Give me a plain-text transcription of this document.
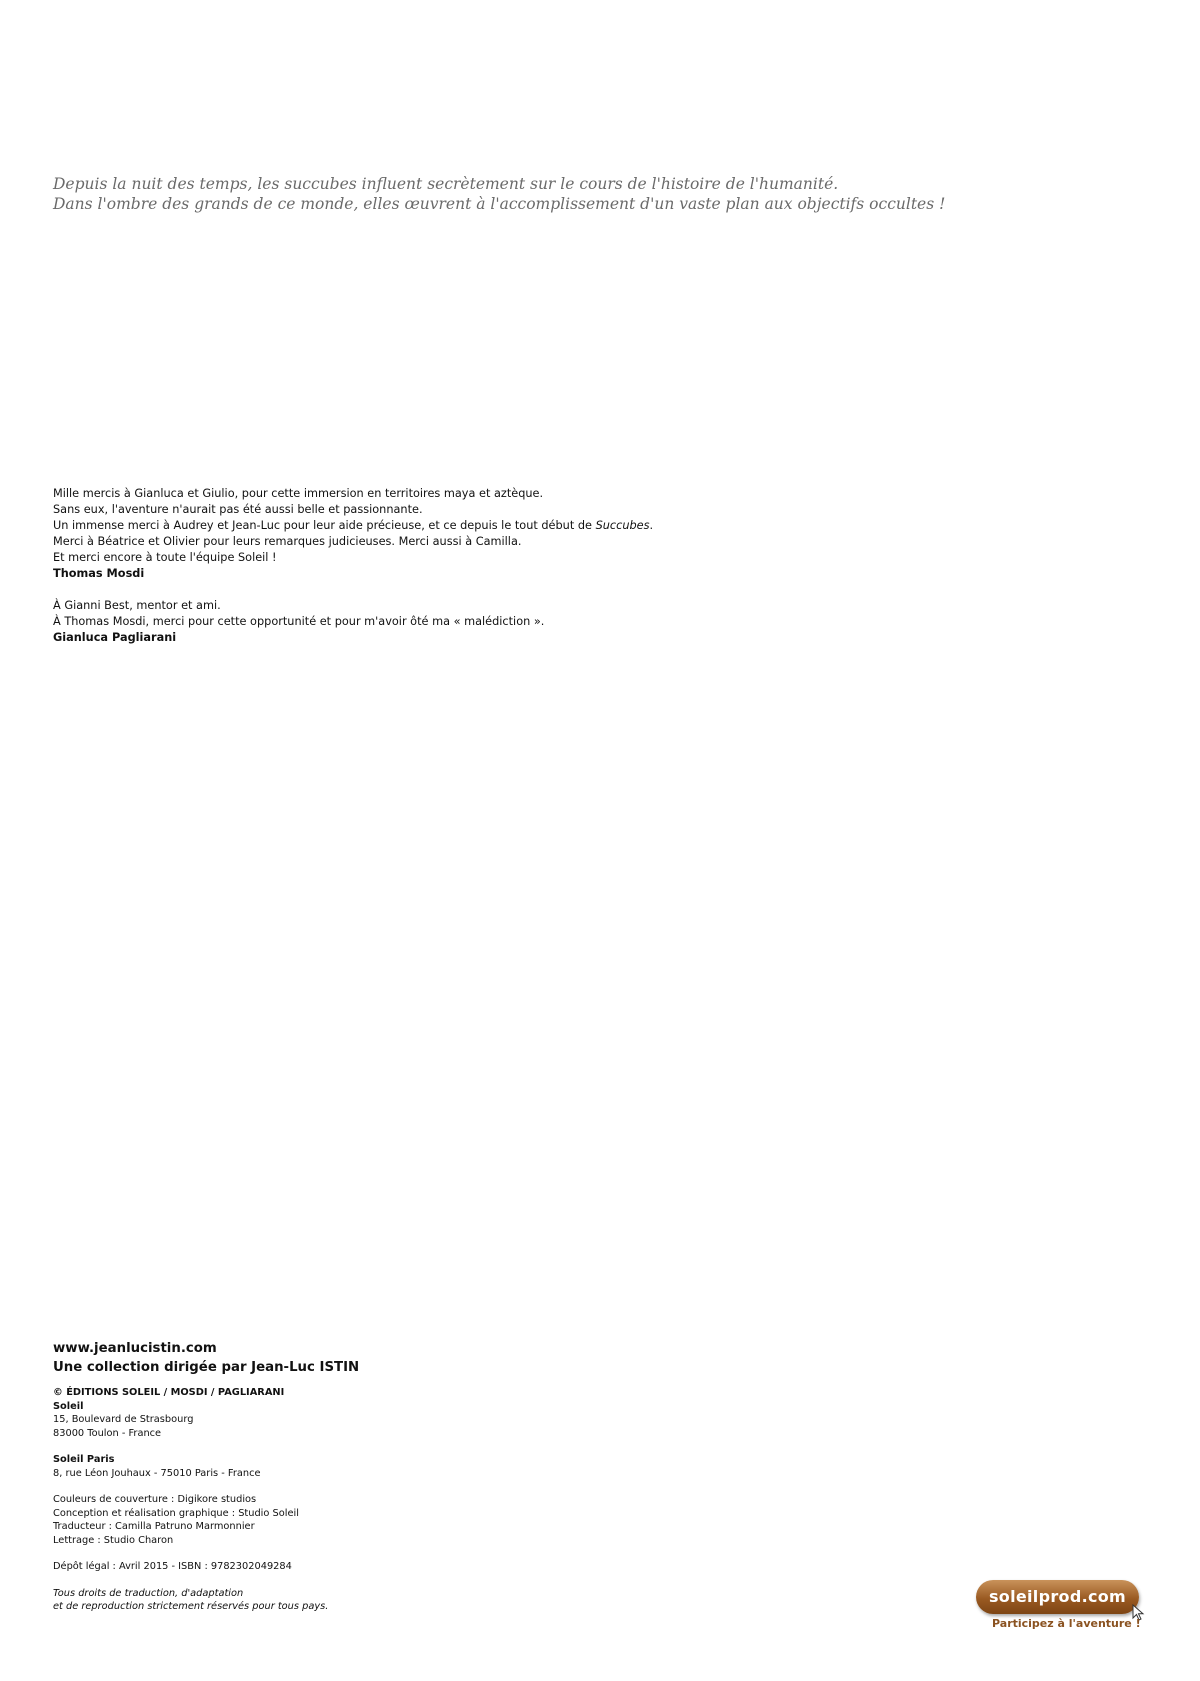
Depuis la nuit des temps, les succubes influent secrètement sur le cours de l'histoire de l'humanité.
Dans l'ombre des grands de ce monde, elles œuvrent à l'accomplissement d'un vaste plan aux objectifs occultes !
Mille mercis à Gianluca et Giulio, pour cette immersion en territoires maya et aztèque.
Sans eux, l'aventure n'aurait pas été aussi belle et passionnante.
Un immense merci à Audrey et Jean-Luc pour leur aide précieuse, et ce depuis le tout début de Succubes.
Merci à Béatrice et Olivier pour leurs remarques judicieuses. Merci aussi à Camilla.
Et merci encore à toute l'équipe Soleil !
Thomas Mosdi
À Gianni Best, mentor et ami.
À Thomas Mosdi, merci pour cette opportunité et pour m'avoir ôté ma « malédiction ».
Gianluca Pagliarani
www.jeanlucistin.com
Une collection dirigée par Jean-Luc ISTIN
© ÉDITIONS SOLEIL / MOSDI / PAGLIARANI
Soleil
15, Boulevard de Strasbourg
83000 Toulon - France
Soleil Paris
8, rue Léon Jouhaux - 75010 Paris - France
Couleurs de couverture : Digikore studios
Conception et réalisation graphique : Studio Soleil
Traducteur : Camilla Patruno Marmonnier
Lettrage : Studio Charon
Dépôt légal : Avril 2015 - ISBN : 9782302049284
Tous droits de traduction, d'adaptation
et de reproduction strictement réservés pour tous pays.
soleilprod.com
Participez à l'aventure !
